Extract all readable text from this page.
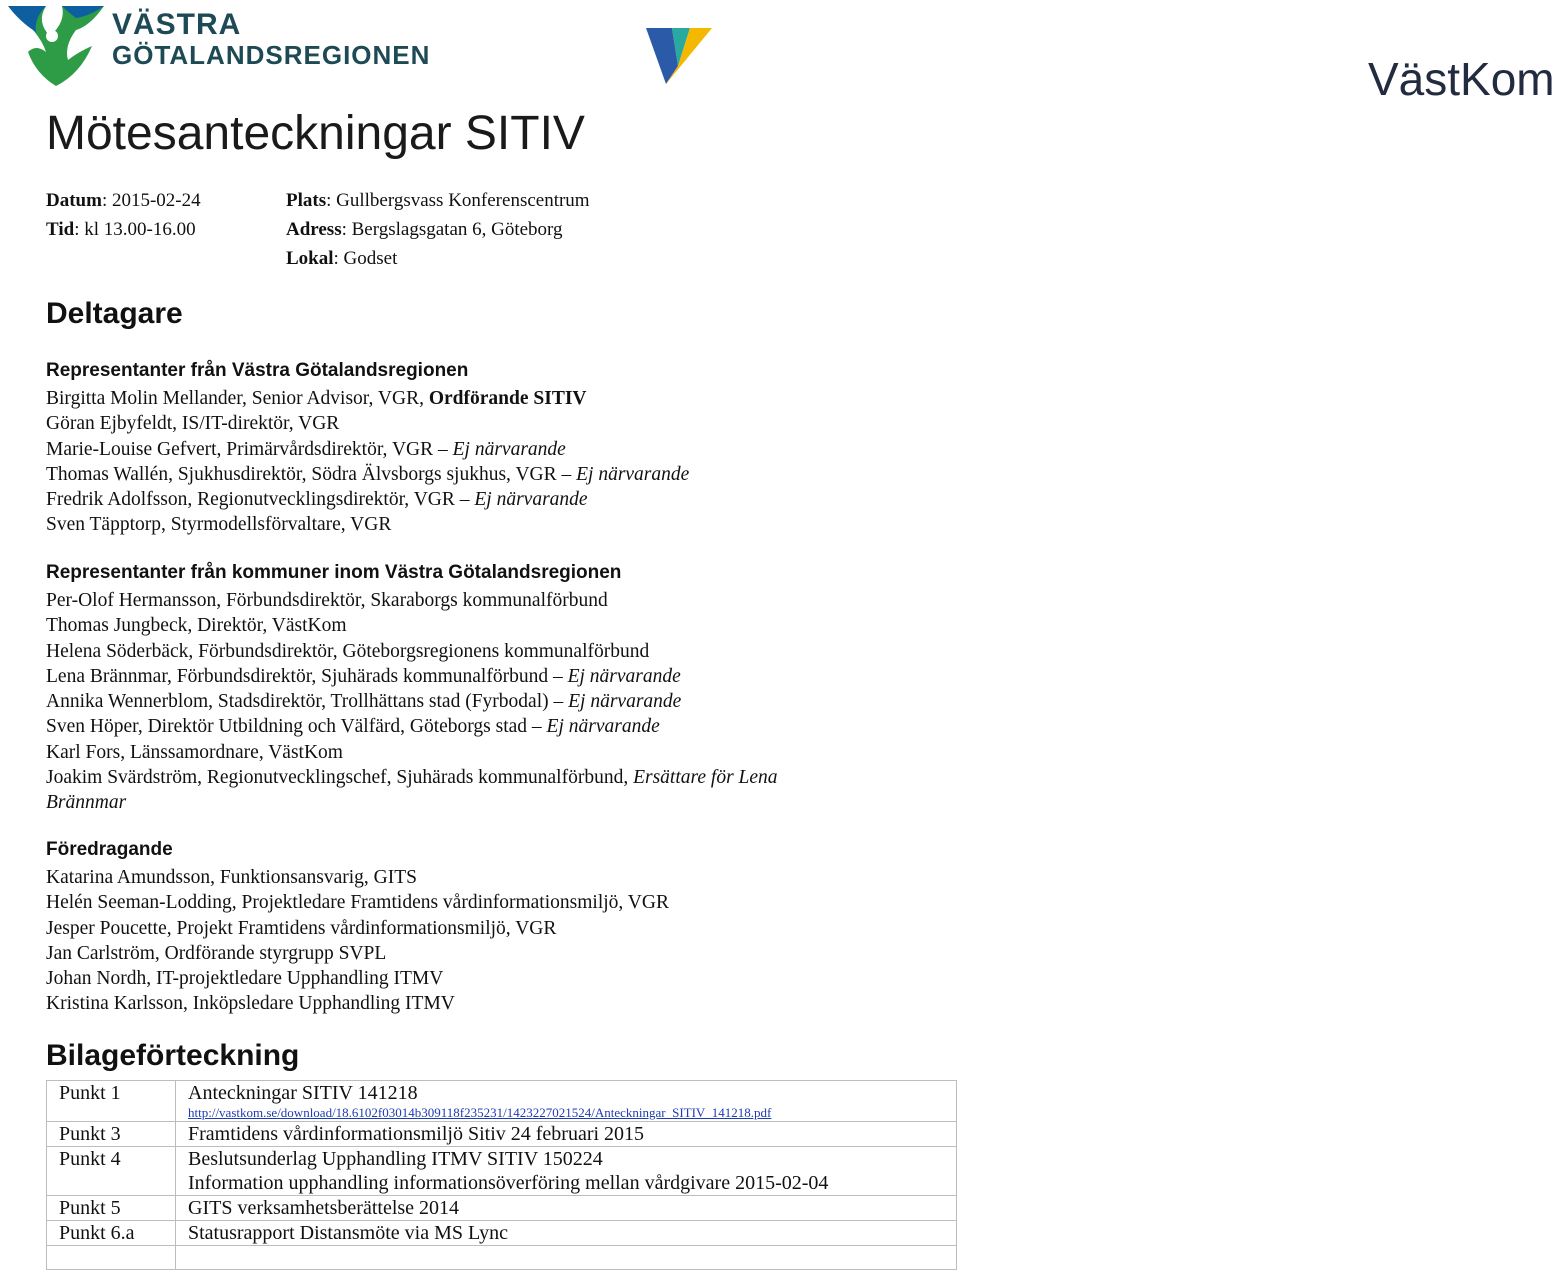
VÄSTRA
GÖTALANDSREGIONEN	VästKom
Mötesanteckningar SITIV
Datum: 2015-02-24
Tid: kl 13.00-16.00
Plats: Gullbergsvass Konferenscentrum
Adress: Bergslagsgatan 6, Göteborg
Lokal: Godset
Deltagare
Representanter från Västra Götalandsregionen
Birgitta Molin Mellander, Senior Advisor, VGR, Ordförande SITIV
Göran Ejbyfeldt, IS/IT-direktör, VGR
Marie-Louise Gefvert, Primärvårdsdirektör, VGR – Ej närvarande
Thomas Wallén, Sjukhusdirektör, Södra Älvsborgs sjukhus, VGR – Ej närvarande
Fredrik Adolfsson, Regionutvecklingsdirektör, VGR – Ej närvarande
Sven Täpptorp, Styrmodellsförvaltare, VGR
Representanter från kommuner inom Västra Götalandsregionen
Per-Olof Hermansson, Förbundsdirektör, Skaraborgs kommunalförbund
Thomas Jungbeck, Direktör, VästKom
Helena Söderbäck, Förbundsdirektör, Göteborgsregionens kommunalförbund
Lena Brännmar, Förbundsdirektör, Sjuhärads kommunalförbund – Ej närvarande
Annika Wennerblom, Stadsdirektör, Trollhättans stad (Fyrbodal) – Ej närvarande
Sven Höper, Direktör Utbildning och Välfärd, Göteborgs stad – Ej närvarande
Karl Fors, Länssamordnare, VästKom
Joakim Svärdström, Regionutvecklingschef, Sjuhärads kommunalförbund, Ersättare för Lena
Brännmar
Föredragande
Katarina Amundsson, Funktionsansvarig, GITS
Helén Seeman-Lodding, Projektledare Framtidens vårdinformationsmiljö, VGR
Jesper Poucette, Projekt Framtidens vårdinformationsmiljö, VGR
Jan Carlström, Ordförande styrgrupp SVPL
Johan Nordh, IT-projektledare Upphandling ITMV
Kristina Karlsson, Inköpsledare Upphandling ITMV
Bilageförteckning
Punkt 1	Anteckningar SITIV 141218
http://vastkom.se/download/18.6102f03014b309118f235231/1423227021524/Anteckningar_SITIV_141218.pdf

Punkt 3	Framtidens vårdinformationsmiljö Sitiv 24 februari 2015

Punkt 4	Beslutsunderlag Upphandling ITMV SITIV 150224
Information upphandling informationsöverföring mellan vårdgivare 2015-02-04

Punkt 5	GITS verksamhetsberättelse 2014

Punkt 6.a	Statusrapport Distansmöte via MS Lync
